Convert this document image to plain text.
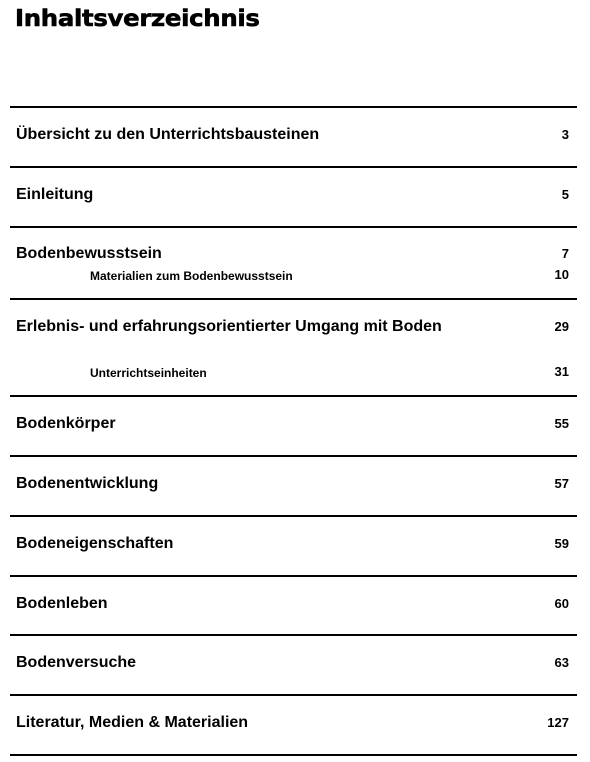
Inhaltsverzeichnis
Übersicht zu den Unterrichtsbausteinen	3
Einleitung	5
Bodenbewusstsein	7
Materialien zum Bodenbewusstsein	10
Erlebnis- und erfahrungsorientierter Umgang mit Boden	29
Unterrichtseinheiten	31
Bodenkörper	55
Bodenentwicklung	57
Bodeneigenschaften	59
Bodenleben	60
Bodenversuche	63
Literatur, Medien & Materialien	127
